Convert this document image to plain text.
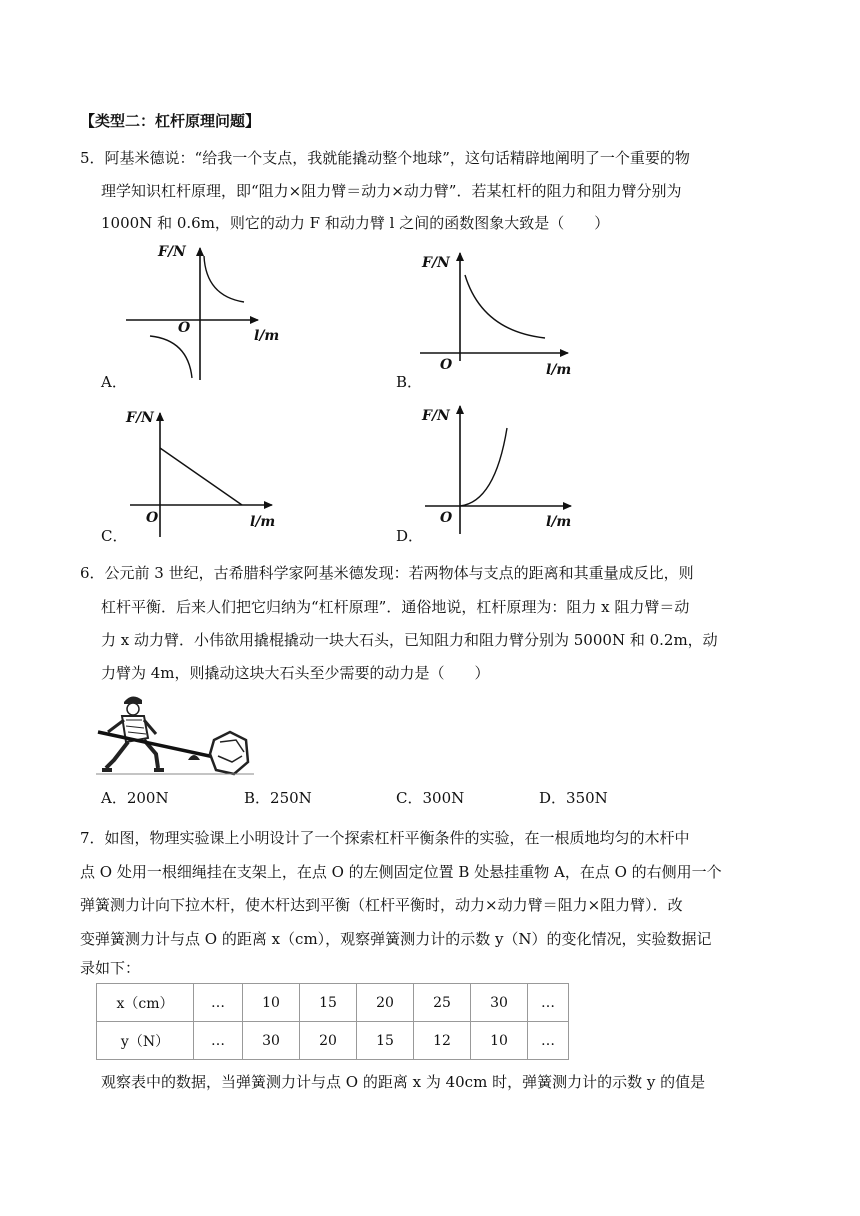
【类型二：杠杆原理问题】
5．阿基米德说：“给我一个支点，我就能撬动整个地球”，这句话精辟地阐明了一个重要的物
理学知识杠杆原理，即“阻力×阻力臂＝动力×动力臂”．若某杠杆的阻力和阻力臂分别为
1000N 和 0.6m，则它的动力 F 和动力臂 l 之间的函数图象大致是（　　）
F/N
O	l/m
A．
F/N
O	l/m
B．
F/N
O	l/m
C．
F/N
O	l/m
D．
6．公元前 3 世纪，古希腊科学家阿基米德发现：若两物体与支点的距离和其重量成反比，则
杠杆平衡．后来人们把它归纳为“杠杆原理”．通俗地说，杠杆原理为：阻力 x 阻力臂＝动
力 x 动力臂．小伟欲用撬棍撬动一块大石头，已知阻力和阻力臂分别为 5000N 和 0.2m，动
力臂为 4m，则撬动这块大石头至少需要的动力是（　　）
A．200N	B．250N	C．300N	D．350N
7．如图，物理实验课上小明设计了一个探索杠杆平衡条件的实验，在一根质地均匀的木杆中
点 O 处用一根细绳挂在支架上，在点 O 的左侧固定位置 B 处悬挂重物 A，在点 O 的右侧用一个
弹簧测力计向下拉木杆，使木杆达到平衡（杠杆平衡时，动力×动力臂＝阻力×阻力臂）．改
变弹簧测力计与点 O 的距离 x（cm），观察弹簧测力计的示数 y（N）的变化情况，实验数据记
录如下：
x（cm）	…	10	15	20	25	30	…
y（N）	…	30	20	15	12	10	…
观察表中的数据，当弹簧测力计与点 O 的距离 x 为 40cm 时，弹簧测力计的示数 y 的值是
